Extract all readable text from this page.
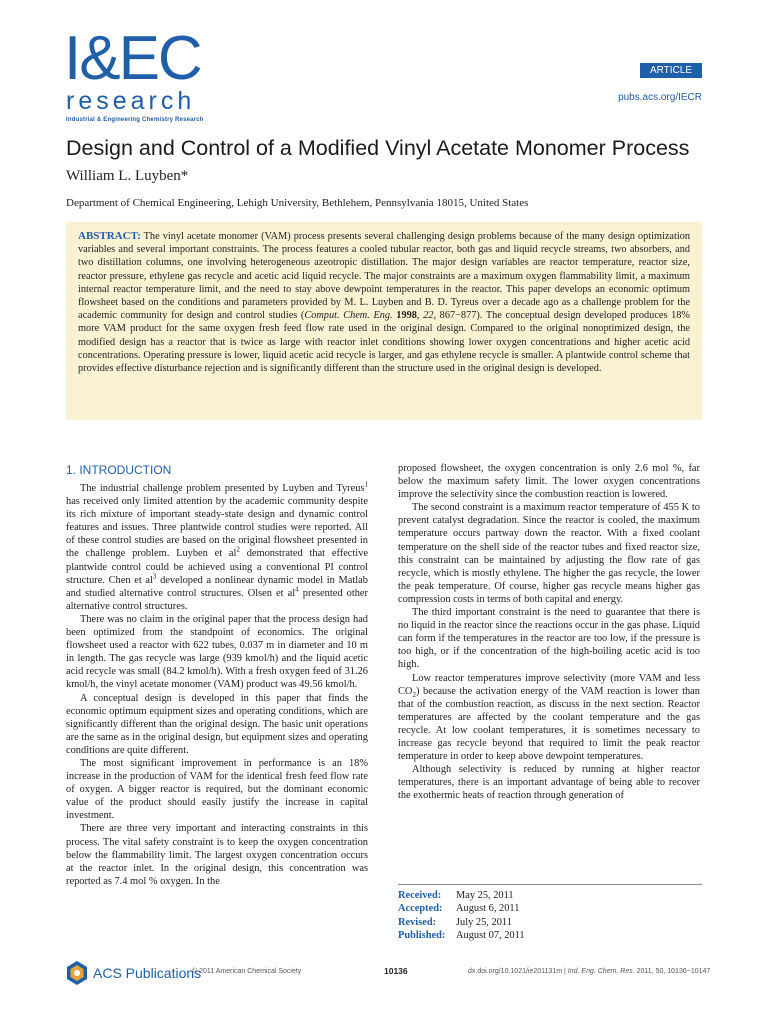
I&EC
research
Industrial & Engineering Chemistry Research
ARTICLE
pubs.acs.org/IECR
Design and Control of a Modified Vinyl Acetate Monomer Process
William L. Luyben*
Department of Chemical Engineering, Lehigh University, Bethlehem, Pennsylvania 18015, United States

ABSTRACT: The vinyl acetate monomer (VAM) process presents several challenging design problems because of the many design optimization variables and several important constraints. The process features a cooled tubular reactor, both gas and liquid recycle streams, two absorbers, and two distillation columns, one involving heterogeneous azeotropic distillation. The major design variables are reactor temperature, reactor size, reactor pressure, ethylene gas recycle and acetic acid liquid recycle. The major constraints are a maximum oxygen flammability limit, a maximum internal reactor temperature limit, and the need to stay above dewpoint temperatures in the reactor. This paper develops an economic optimum flowsheet based on the conditions and parameters provided by M. L. Luyben and B. D. Tyreus over a decade ago as a challenge problem for the academic community for design and control studies (Comput. Chem. Eng. 1998, 22, 867−877). The conceptual design developed produces 18% more VAM product for the same oxygen fresh feed flow rate used in the original design. Compared to the original nonoptimized design, the modified design has a reactor that is twice as large with reactor inlet conditions showing lower oxygen concentrations and higher acetic acid concentrations. Operating pressure is lower, liquid acetic acid recycle is larger, and gas ethylene recycle is smaller. A plantwide control scheme that provides effective disturbance rejection and is significantly different than the structure used in the original design is developed.

1. INTRODUCTION

The industrial challenge problem presented by Luyben and Tyreus$^1$ has received only limited attention by the academic community despite its rich mixture of important steady-state design and dynamic control features and issues. Three plantwide control studies were reported. All of these control studies are based on the original flowsheet presented in the challenge problem. Luyben et $al^2$ demonstrated that effective plantwide control could be achieved using a conventional PI control structure. Chen et $al^3$ developed a nonlinear dynamic model in Matlab and studied alternative control structures. Olsen et $al^4$ presented other alternative control structures.

There was no claim in the original paper that the process design had been optimized from the standpoint of economics. The original flowsheet used a reactor with 622 tubes, 0.037 m in diameter and 10 m in length. The gas recycle was large (939 kmol/h) and the liquid acetic acid recycle was small (84.2 kmol/h). With a fresh oxygen feed of 31.26 kmol/h, the vinyl acetate monomer (VAM) product was 49.56 kmol/h.

A conceptual design is developed in this paper that finds the economic optimum equipment sizes and operating conditions, which are significantly different than the original design. The basic unit operations are the same as in the original design, but equipment sizes and operating conditions are quite different.

The most significant improvement in performance is an 18% increase in the production of VAM for the identical fresh feed flow rate of oxygen. A bigger reactor is required, but the dominant economic value of the product should easily justify the increase in capital investment.

There are three very important and interacting constraints in this process. The vital safety constraint is to keep the oxygen concentration below the flammability limit. The largest oxygen concentration occurs at the reactor inlet. In the original design, this concentration was reported as 7.4 mol % oxygen. In the

proposed flowsheet, the oxygen concentration is only 2.6 mol %, far below the maximum safety limit. The lower oxygen concentrations improve the selectivity since the combustion reaction is lowered.

The second constraint is a maximum reactor temperature of 455 K to prevent catalyst degradation. Since the reactor is cooled, the maximum temperature occurs partway down the reactor. With a fixed coolant temperature on the shell side of the reactor tubes and fixed reactor size, this constraint can be maintained by adjusting the flow rate of gas recycle, which is mostly ethylene. The higher the gas recycle, the lower the peak temperature. Of course, higher gas recycle means higher gas compression costs in terms of both capital and energy.

The third important constraint is the need to guarantee that there is no liquid in the reactor since the reactions occur in the gas phase. Liquid can form if the temperatures in the reactor are too low, if the pressure is too high, or if the concentration of the high-boiling acetic acid is too high.

Low reactor temperatures improve selectivity (more VAM and less $CO_2$) because the activation energy of the VAM reaction is lower than that of the combustion reaction, as discuss in the next section. Reactor temperatures are affected by the coolant temperature and the gas recycle. At low coolant temperatures, it is sometimes necessary to increase gas recycle beyond that required to limit the peak reactor temperature in order to keep above dewpoint temperatures.

Although selectivity is reduced by running at higher reactor temperatures, there is an important advantage of being able to recover the exothermic heats of reaction through generation of

Received:	May 25, 2011
Accepted:	August 6, 2011
Revised:	July 25, 2011
Published:	August 07, 2011
ACS Publications
© 2011 American Chemical Society	10136	dx.doi.org/10.1021/ie201131m | Ind. Eng. Chem. Res. 2011, 50, 10136−10147
